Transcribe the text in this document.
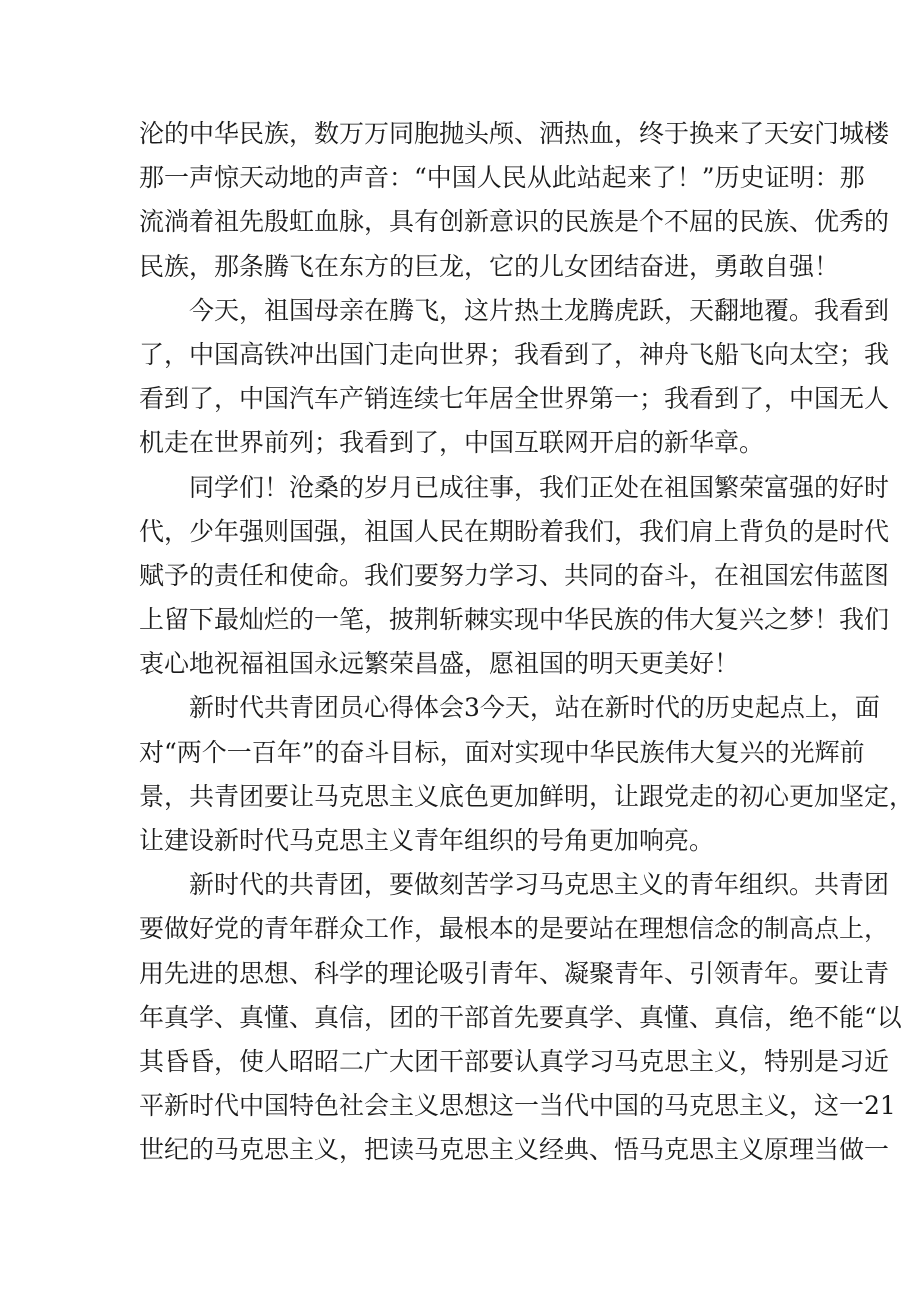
沦的中华民族，数万万同胞抛头颅、洒热血，终于换来了天安门城楼
那一声惊天动地的声音：“中国人民从此站起来了！”历史证明：那
流淌着祖先殷虹血脉，具有创新意识的民族是个不屈的民族、优秀的
民族，那条腾飞在东方的巨龙，它的儿女团结奋进，勇敢自强！
今天，祖国母亲在腾飞，这片热土龙腾虎跃，天翻地覆。我看到
了，中国高铁冲出国门走向世界；我看到了，神舟飞船飞向太空；我
看到了，中国汽车产销连续七年居全世界第一；我看到了，中国无人
机走在世界前列；我看到了，中国互联网开启的新华章。
同学们！沧桑的岁月已成往事，我们正处在祖国繁荣富强的好时
代，少年强则国强，祖国人民在期盼着我们，我们肩上背负的是时代
赋予的责任和使命。我们要努力学习、共同的奋斗，在祖国宏伟蓝图
上留下最灿烂的一笔，披荆斩棘实现中华民族的伟大复兴之梦！我们
衷心地祝福祖国永远繁荣昌盛，愿祖国的明天更美好！
新时代共青团员心得体会3今天，站在新时代的历史起点上，面
对“两个一百年”的奋斗目标，面对实现中华民族伟大复兴的光辉前
景，共青团要让马克思主义底色更加鲜明，让跟党走的初心更加坚定，
让建设新时代马克思主义青年组织的号角更加响亮。
新时代的共青团，要做刻苦学习马克思主义的青年组织。共青团
要做好党的青年群众工作，最根本的是要站在理想信念的制高点上，
用先进的思想、科学的理论吸引青年、凝聚青年、引领青年。要让青
年真学、真懂、真信，团的干部首先要真学、真懂、真信，绝不能“以
其昏昏，使人昭昭二广大团干部要认真学习马克思主义，特别是习近
平新时代中国特色社会主义思想这一当代中国的马克思主义，这一21
世纪的马克思主义，把读马克思主义经典、悟马克思主义原理当做一
